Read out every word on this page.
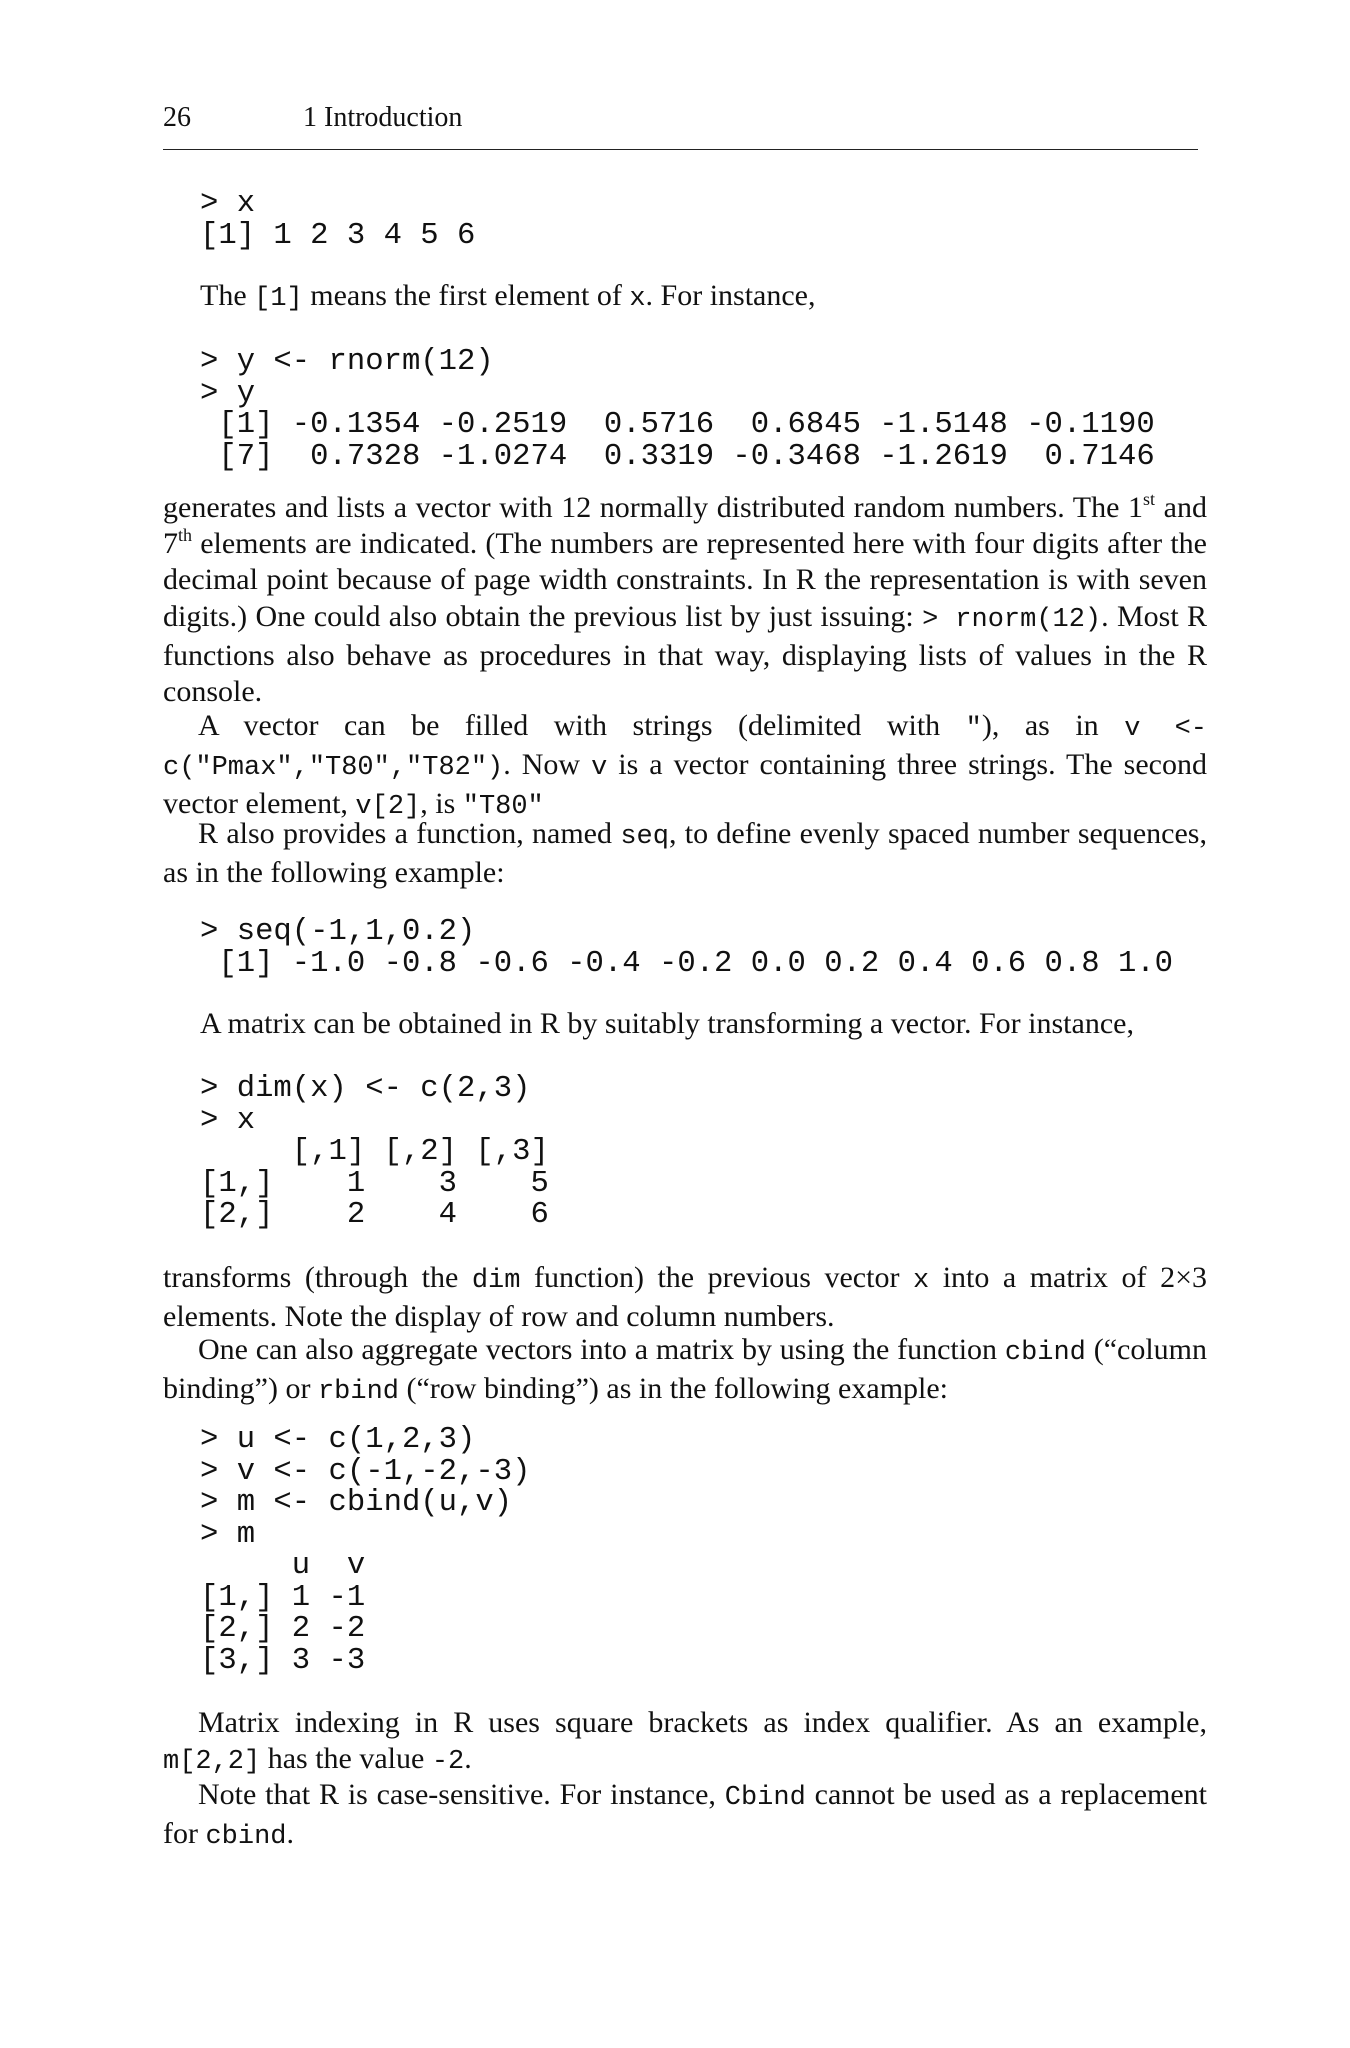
26	1 Introduction
> x
[1] 1 2 3 4 5 6

The [1] means the first element of x. For instance,

> y <- rnorm(12)
> y
[1] -0.1354 -0.2519  0.5716  0.6845 -1.5148 -0.1190
[7]  0.7328 -1.0274  0.3319 -0.3468 -1.2619  0.7146

generates and lists a vector with 12 normally distributed random numbers. The 1st and 7th elements are indicated. (The numbers are represented here with four digits after the decimal point because of page width constraints. In R the representation is with seven digits.) One could also obtain the previous list by just issuing: > rnorm(12). Most R functions also behave as procedures in that way, displaying lists of values in the R console.

A vector can be filled with strings (delimited with "), as in v <- c("Pmax","T80","T82"). Now v is a vector containing three strings. The second vector element, v[2], is "T80"

R also provides a function, named seq, to define evenly spaced number sequences, as in the following example:

> seq(-1,1,0.2)
[1] -1.0 -0.8 -0.6 -0.4 -0.2 0.0 0.2 0.4 0.6 0.8 1.0

A matrix can be obtained in R by suitably transforming a vector. For instance,

> dim(x) <- c(2,3)
> x
[,1] [,2] [,3]
[1,]    1    3    5
[2,]    2    4    6

transforms (through the dim function) the previous vector x into a matrix of 2×3 elements. Note the display of row and column numbers.

One can also aggregate vectors into a matrix by using the function cbind (“column binding”) or rbind (“row binding”) as in the following example:

> u <- c(1,2,3)
> v <- c(-1,-2,-3)
> m <- cbind(u,v)
> m
u  v
[1,] 1 -1
[2,] 2 -2
[3,] 3 -3

Matrix indexing in R uses square brackets as index qualifier. As an example, m[2,2] has the value -2.

Note that R is case-sensitive. For instance, Cbind cannot be used as a replacement for cbind.
